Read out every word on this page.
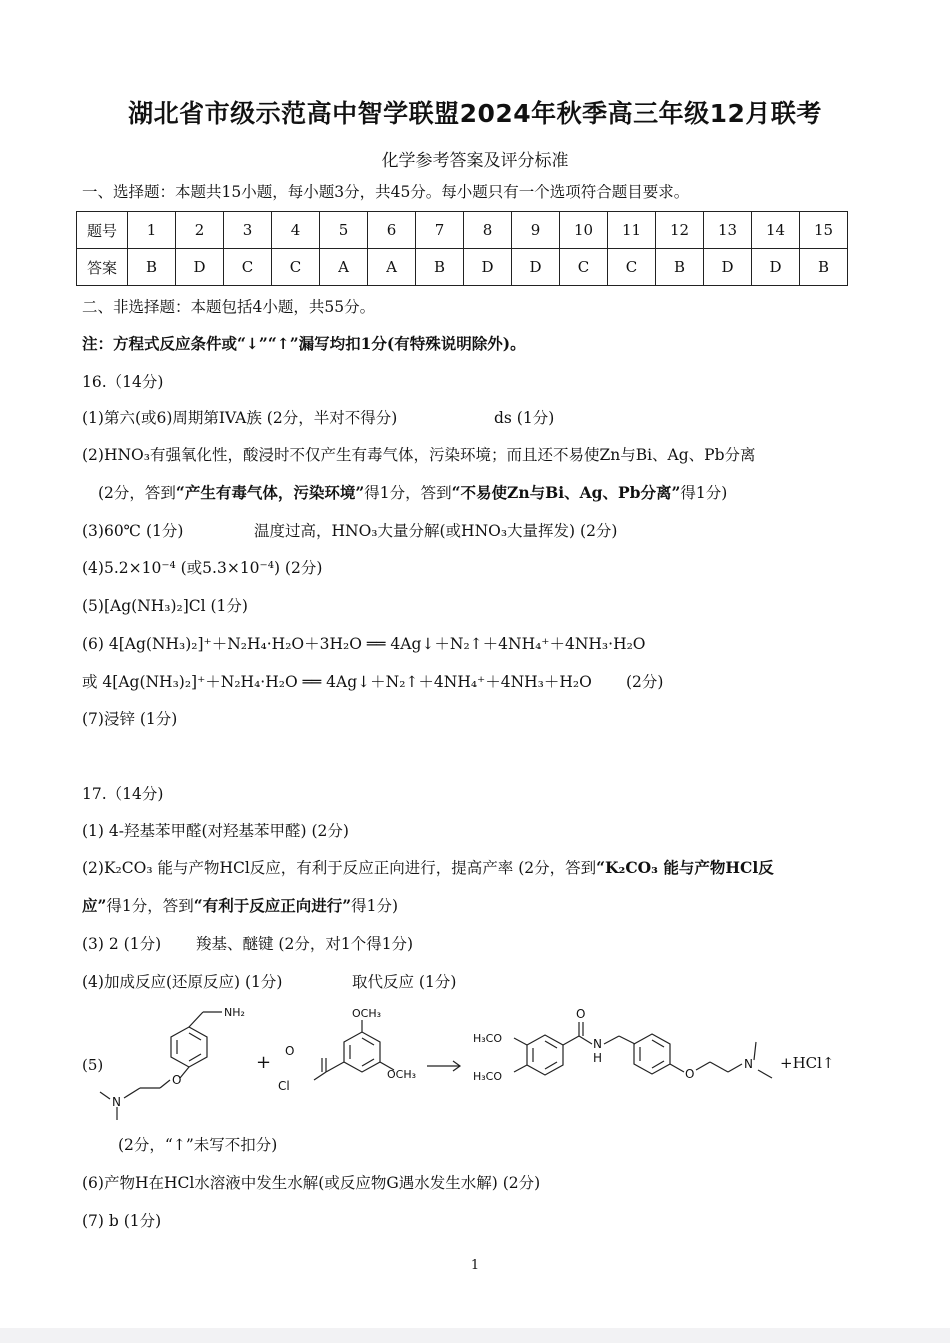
湖北省市级示范高中智学联盟2024年秋季高三年级12月联考
化学参考答案及评分标准
一、选择题：本题共15小题，每小题3分，共45分。每小题只有一个选项符合题目要求。
题号	1	2	3	4	5	6	7	8	9	10	11	12	13	14	15
答案	B	D	C	C	A	A	B	D	D	C	C	B	D	D	B
二、非选择题：本题包括4小题，共55分。
注：方程式反应条件或“↓”“↑”漏写均扣1分(有特殊说明除外)。
16.（14分)
(1)第六(或6)周期第IVA族 (2分，半对不得分)	ds (1分)
(2)HNO₃有强氧化性，酸浸时不仅产生有毒气体，污染环境；而且还不易使Zn与Bi、Ag、Pb分离
(2分，答到“产生有毒气体，污染环境”得1分，答到“不易使Zn与Bi、Ag、Pb分离”得1分)
(3)60℃ (1分)	温度过高，HNO₃大量分解(或HNO₃大量挥发) (2分)
(4)5.2×10⁻⁴ (或5.3×10⁻⁴) (2分)
(5)[Ag(NH₃)₂]Cl (1分)
(6) 4[Ag(NH₃)₂]⁺＋N₂H₄·H₂O＋3H₂O ══ 4Ag↓＋N₂↑＋4NH₄⁺＋4NH₃·H₂O
或 4[Ag(NH₃)₂]⁺＋N₂H₄·H₂O ══ 4Ag↓＋N₂↑＋4NH₄⁺＋4NH₃＋H₂O (2分)
(7)浸锌 (1分)
17.（14分)
(1) 4-羟基苯甲醛(对羟基苯甲醛) (2分)
(2)K₂CO₃ 能与产物HCl反应，有利于反应正向进行，提高产率 (2分，答到“K₂CO₃ 能与产物HCl反
应”得1分，答到“有利于反应正向进行”得1分)
(3) 2 (1分) 羧基、醚键 (2分，对1个得1分)
(4)加成反应(还原反应) (1分)	取代反应 (1分)
(5)
NH₂
O
N
+
O
Cl
OCH₃
OCH₃
H₃CO
H₃CO
O
N
H
O
N +HCl↑
(2分，“↑”未写不扣分)
(6)产物H在HCl水溶液中发生水解(或反应物G遇水发生水解) (2分)
(7) b (1分)
1
